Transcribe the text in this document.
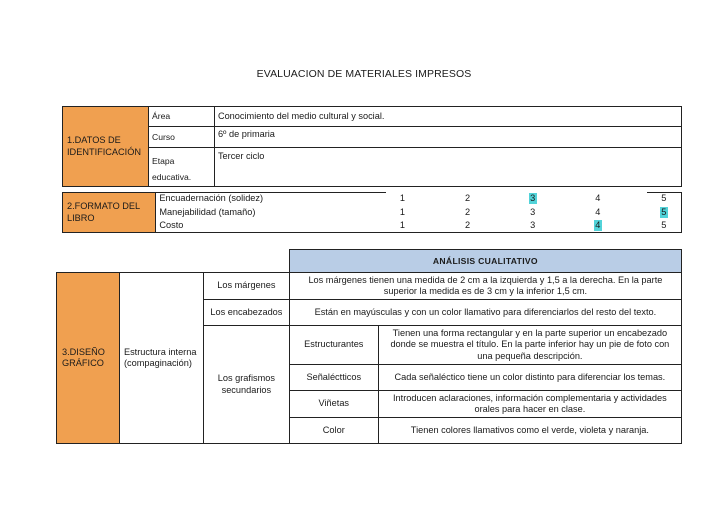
EVALUACION DE MATERIALES IMPRESOS
1.DATOS DE IDENTIFICACIÓN	Área	Conocimiento del medio cultural y social.
	Curso	6º de primaria
	Etapa educativa.	Tercer ciclo
2.FORMATO DEL LIBRO	Encuadernación (solidez)	1		2		3		4		5
	Manejabilidad (tamaño)	1		2		3		4		5
	Costo	1		2		3		4		5
			ANÁLISIS CUALITATIVO	
3.DISEÑO GRÁFICO	Estructura interna (compaginación)	Los márgenes	Los márgenes tienen una medida de 2 cm a la izquierda y 1,5 a la derecha. En la parte superior la medida es de 3 cm y la inferior 1,5 cm.	
		Los encabezados	Están en mayúsculas y con un color llamativo para diferenciarlos del resto del texto.	
		Los grafismos secundarios	Estructurantes	Tienen una forma rectangular y en la parte superior un encabezado donde se muestra el título. En la parte inferior hay un pie de foto con una pequeña descripción.
			Señaléctticos	Cada señaléctico tiene un color distinto para diferenciar los temas.
			Viñetas	Introducen aclaraciones, información complementaria y actividades orales para hacer en clase.
			Color	Tienen colores llamativos como el verde, violeta y naranja.
